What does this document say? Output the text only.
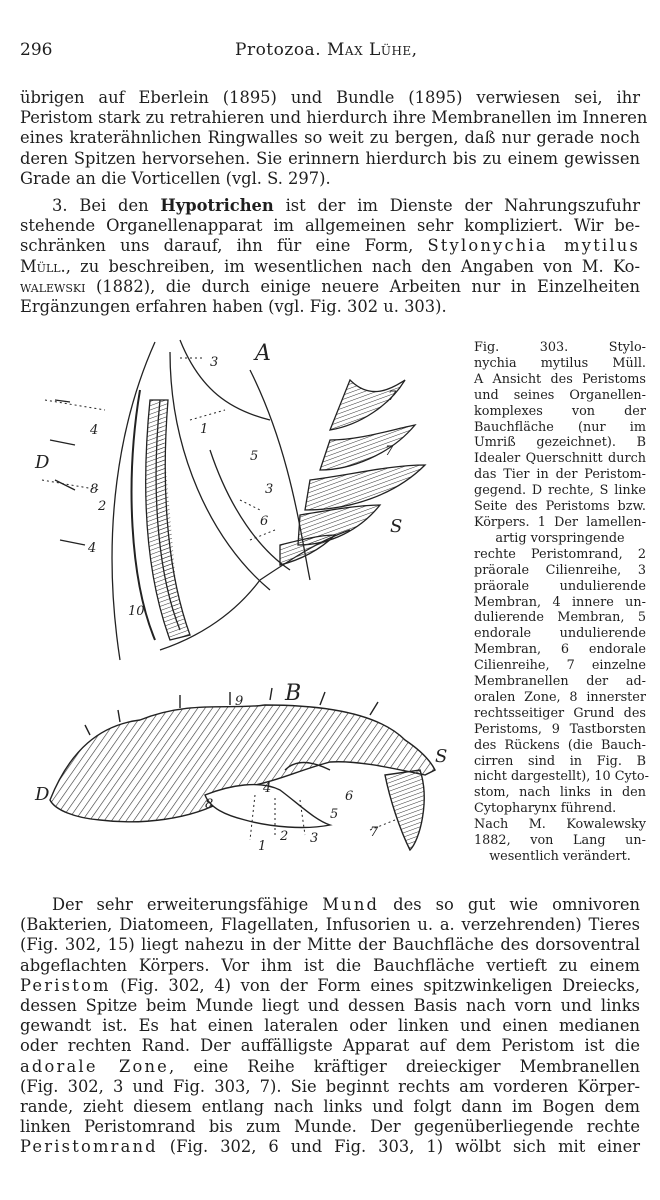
296	Protozoa. Max Lühe,
übrigen auf Eberlein (1895) und Bundle (1895) verwiesen sei, ihr
Peristom stark zu retrahieren und hierdurch ihre Membranellen im Inneren
eines kraterähnlichen Ringwalles so weit zu bergen, daß nur gerade noch
deren Spitzen hervorsehen. Sie erinnern hierdurch bis zu einem gewissen
Grade an die Vorticellen (vgl. S. 297).
3. Bei den Hypotrichen ist der im Dienste der Nahrungszufuhr
stehende Organellenapparat im allgemeinen sehr kompliziert. Wir be-
schränken uns darauf, ihn für eine Form, Stylonychia mytilus
Müll., zu beschreiben, im wesentlichen nach den Angaben von M. Ko-
walewski (1882), die durch einige neuere Arbeiten nur in Einzelheiten
Ergänzungen erfahren haben (vgl. Fig. 302 u. 303).
A
3
1
4
5
8
2
3
6
4
10
7
7
D
S
B
9
6
4
5
8
1
2 3	7
D
S
Fig. 303. Stylo-
nychia mytilus Müll.
A Ansicht des Peristoms
und seines Organellen-
komplexes von der
Bauchfläche (nur im
Umriß gezeichnet). B
Idealer Querschnitt durch
das Tier in der Peristom-
gegend. D rechte, S linke
Seite des Peristoms bzw.
Körpers. 1 Der lamellen-
artig vorspringende
rechte Peristomrand, 2
präorale Cilienreihe, 3
präorale undulierende
Membran, 4 innere un-
dulierende Membran, 5
endorale undulierende
Membran, 6 endorale
Cilienreihe, 7 einzelne
Membranellen der ad-
oralen Zone, 8 innerster
rechtsseitiger Grund des
Peristoms, 9 Tastborsten
des Rückens (die Bauch-
cirren sind in Fig. B
nicht dargestellt), 10 Cyto-
stom, nach links in den
Cytopharynx führend.
Nach M. Kowalewsky
1882, von Lang un-
wesentlich verändert.
Der sehr erweiterungsfähige Mund des so gut wie omnivoren
(Bakterien, Diatomeen, Flagellaten, Infusorien u. a. verzehrenden) Tieres
(Fig. 302, 15) liegt nahezu in der Mitte der Bauchfläche des dorsoventral
abgeflachten Körpers. Vor ihm ist die Bauchfläche vertieft zu einem
Peristom (Fig. 302, 4) von der Form eines spitzwinkeligen Dreiecks,
dessen Spitze beim Munde liegt und dessen Basis nach vorn und links
gewandt ist. Es hat einen lateralen oder linken und einen medianen
oder rechten Rand. Der auffälligste Apparat auf dem Peristom ist die
adorale Zone, eine Reihe kräftiger dreieckiger Membranellen
(Fig. 302, 3 und Fig. 303, 7). Sie beginnt rechts am vorderen Körper-
rande, zieht diesem entlang nach links und folgt dann im Bogen dem
linken Peristomrand bis zum Munde. Der gegenüberliegende rechte
Peristomrand (Fig. 302, 6 und Fig. 303, 1) wölbt sich mit einer
